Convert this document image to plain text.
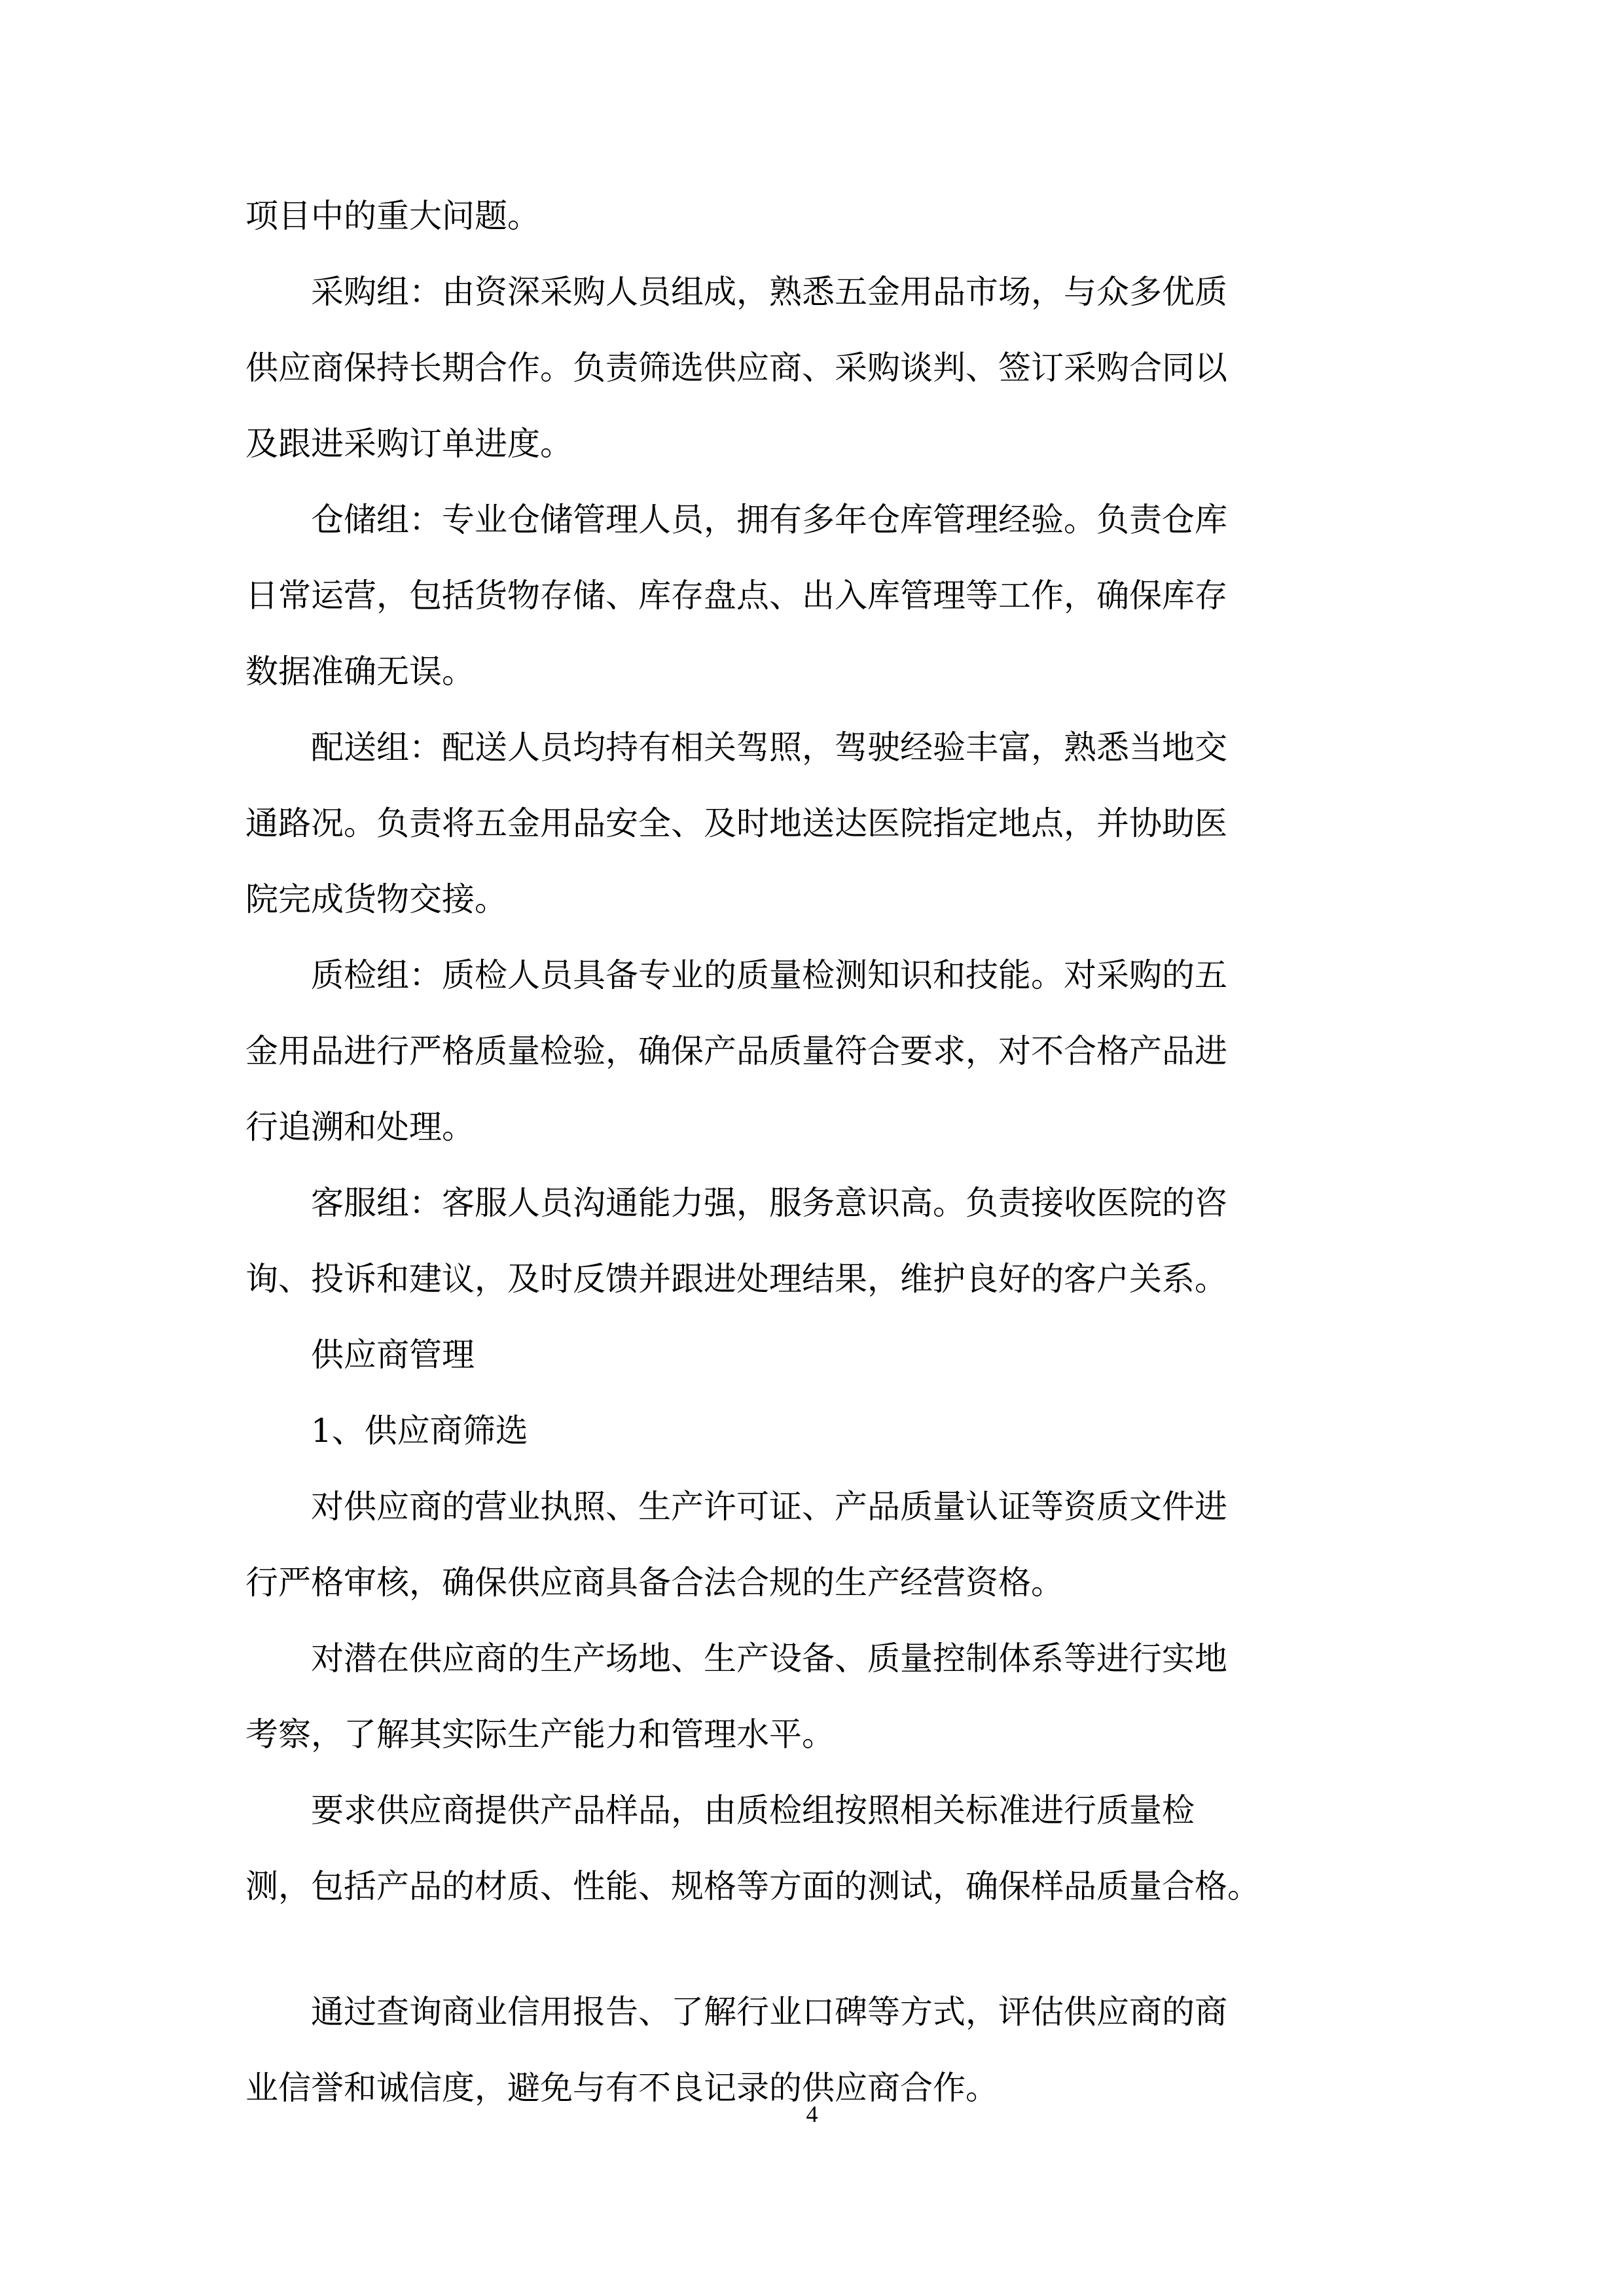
项目中的重大问题。
　　采购组：由资深采购人员组成，熟悉五金用品市场，与众多优质
供应商保持长期合作。负责筛选供应商、采购谈判、签订采购合同以
及跟进采购订单进度。
　　仓储组：专业仓储管理人员，拥有多年仓库管理经验。负责仓库
日常运营，包括货物存储、库存盘点、出入库管理等工作，确保库存
数据准确无误。
　　配送组：配送人员均持有相关驾照，驾驶经验丰富，熟悉当地交
通路况。负责将五金用品安全、及时地送达医院指定地点，并协助医
院完成货物交接。
　　质检组：质检人员具备专业的质量检测知识和技能。对采购的五
金用品进行严格质量检验，确保产品质量符合要求，对不合格产品进
行追溯和处理。
　　客服组：客服人员沟通能力强，服务意识高。负责接收医院的咨
询、投诉和建议，及时反馈并跟进处理结果，维护良好的客户关系。
　　供应商管理
　　1、供应商筛选
　　对供应商的营业执照、生产许可证、产品质量认证等资质文件进
行严格审核，确保供应商具备合法合规的生产经营资格。
　　对潜在供应商的生产场地、生产设备、质量控制体系等进行实地
考察，了解其实际生产能力和管理水平。
　　要求供应商提供产品样品，由质检组按照相关标准进行质量检
测，包括产品的材质、性能、规格等方面的测试，确保样品质量合格。
　　通过查询商业信用报告、了解行业口碑等方式，评估供应商的商
业信誉和诚信度，避免与有不良记录的供应商合作。
4
